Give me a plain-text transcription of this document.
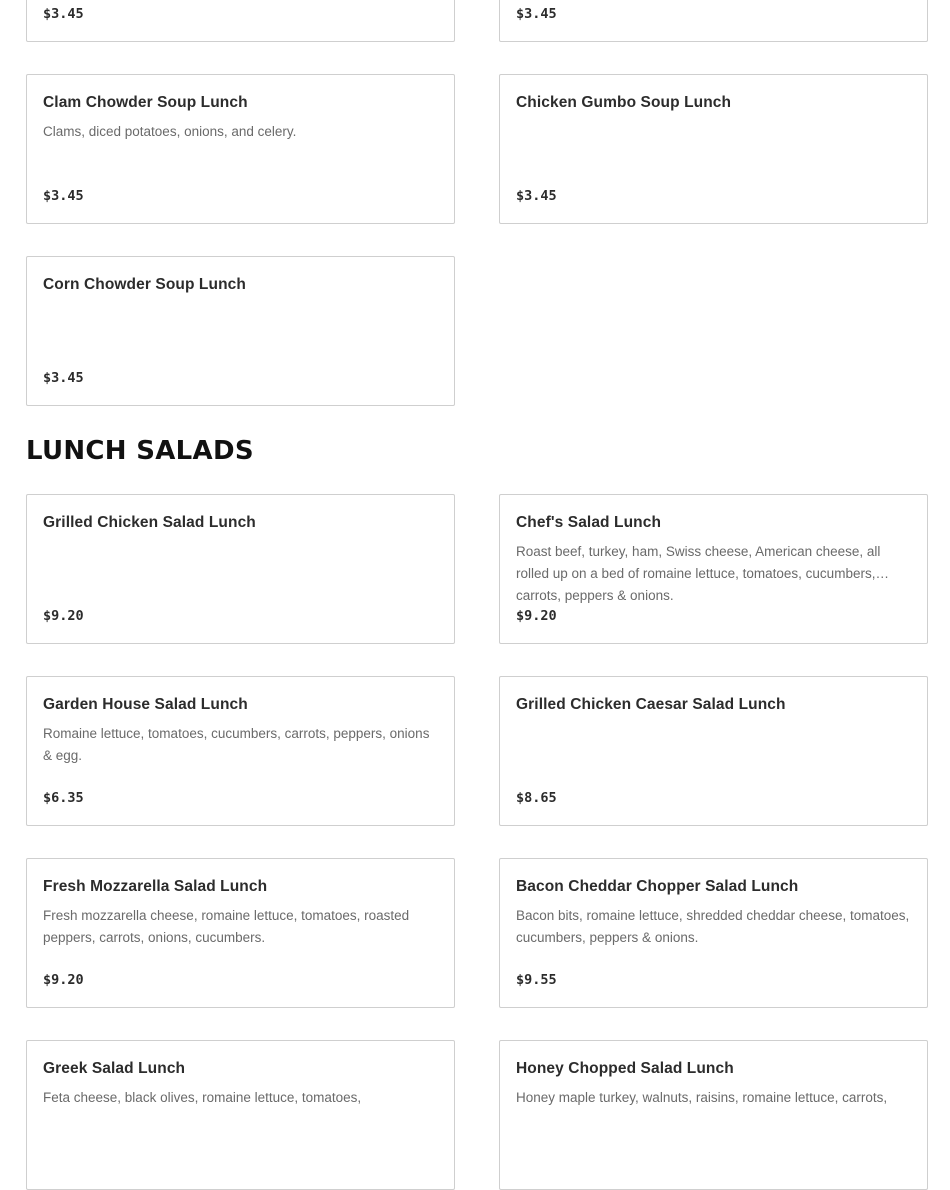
$3.45	$3.45
Clam Chowder Soup Lunch
Clams, diced potatoes, onions, and celery.
$3.45
Chicken Gumbo Soup Lunch
$3.45
Corn Chowder Soup Lunch
$3.45
LUNCH SALADS
Grilled Chicken Salad Lunch
$9.20
Chef's Salad Lunch
Roast beef, turkey, ham, Swiss cheese, American cheese, all rolled up on a bed of romaine lettuce, tomatoes, cucumbers, carrots, peppers & onions.
$9.20
Garden House Salad Lunch
Romaine lettuce, tomatoes, cucumbers, carrots, peppers, onions & egg.
$6.35
Grilled Chicken Caesar Salad Lunch
$8.65
Fresh Mozzarella Salad Lunch
Fresh mozzarella cheese, romaine lettuce, tomatoes, roasted peppers, carrots, onions, cucumbers.
$9.20
Bacon Cheddar Chopper Salad Lunch
Bacon bits, romaine lettuce, shredded cheddar cheese, tomatoes, cucumbers, peppers & onions.
$9.55
Greek Salad Lunch
Feta cheese, black olives, romaine lettuce, tomatoes,
Honey Chopped Salad Lunch
Honey maple turkey, walnuts, raisins, romaine lettuce, carrots,
